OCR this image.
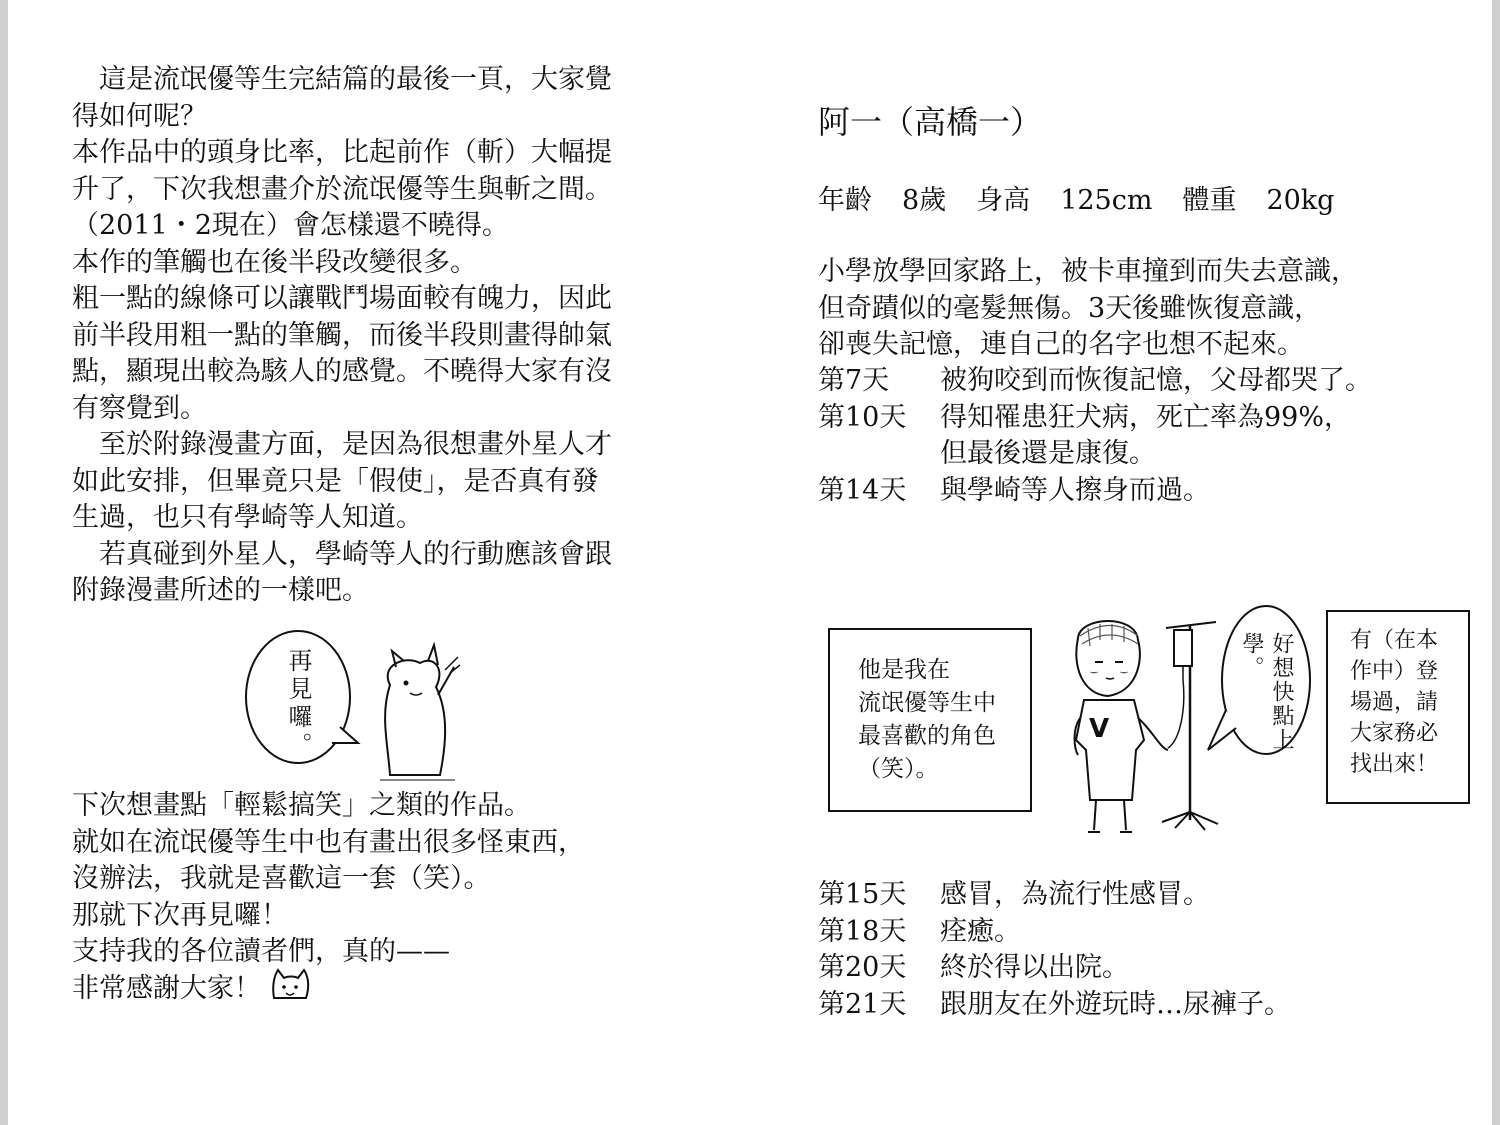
　這是流氓優等生完結篇的最後一頁，大家覺
得如何呢？
本作品中的頭身比率，比起前作（斬）大幅提
升了，下次我想畫介於流氓優等生與斬之間。
（2011・2現在）會怎樣還不曉得。
本作的筆觸也在後半段改變很多。
粗一點的線條可以讓戰鬥場面較有魄力，因此
前半段用粗一點的筆觸，而後半段則畫得帥氣
點，顯現出較為駭人的感覺。不曉得大家有沒
有察覺到。
　至於附錄漫畫方面，是因為很想畫外星人才
如此安排，但畢竟只是「假使」，是否真有發
生過，也只有學崎等人知道。
　若真碰到外星人，學崎等人的行動應該會跟
附錄漫畫所述的一樣吧。
再見囉。
下次想畫點「輕鬆搞笑」之類的作品。
就如在流氓優等生中也有畫出很多怪東西，
沒辦法，我就是喜歡這一套（笑）。
那就下次再見囉！
支持我的各位讀者們，真的——
非常感謝大家！
阿一（高橋一）
年齡 8歲 身高 125cm 體重 20kg
小學放學回家路上，被卡車撞到而失去意識，
但奇蹟似的毫髮無傷。3天後雖恢復意識，
卻喪失記憶，連自己的名字也想不起來。
第7天	被狗咬到而恢復記憶，父母都哭了。
第10天	得知罹患狂犬病，死亡率為99%，
但最後還是康復。
第14天	與學崎等人擦身而過。
他是我在
流氓優等生中
最喜歡的角色
（笑）。
V	好想快點上學。	有（在本
作中）登
場過，請
大家務必
找出來！
第15天	感冒，為流行性感冒。
第18天	痊癒。
第20天	終於得以出院。
第21天	跟朋友在外遊玩時…尿褲子。
